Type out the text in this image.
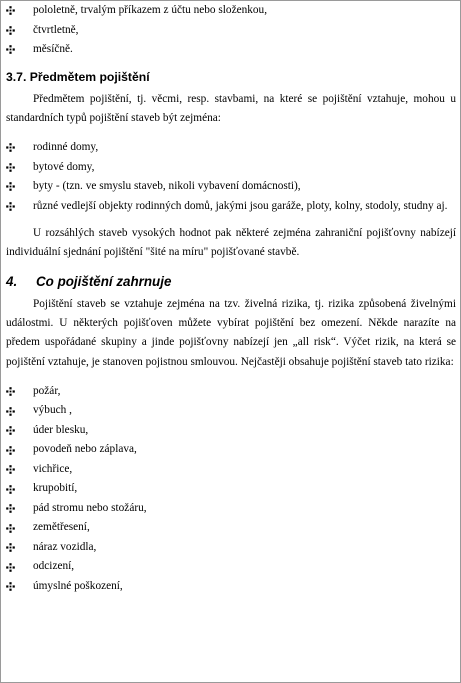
pololetně, trvalým příkazem z účtu nebo složenkou,
čtvrtletně,
měsíčně.
3.7. Předmětem pojištění

Předmětem pojištění, tj. věcmi, resp. stavbami, na které se pojištění vztahuje, mohou u standardních typů pojištění staveb být zejména:

rodinné domy,
bytové domy,
byty - (tzn. ve smyslu staveb, nikoli vybavení domácnosti),
různé vedlejší objekty rodinných domů, jakými jsou garáže, ploty, kolny, stodoly, studny aj.

U rozsáhlých staveb vysokých hodnot pak některé zejména zahraniční pojišťovny nabízejí individuální sjednání pojištění "šité na míru" pojišťované stavbě.

4.	Co pojištění zahrnuje

Pojištění staveb se vztahuje zejména na tzv. živelná rizika, tj. rizika způsobená živelnými událostmi. U některých pojišťoven můžete vybírat pojištění bez omezení. Někde narazíte na předem uspořádané skupiny a jinde pojišťovny nabízejí jen „all risk“. Výčet rizik, na která se pojištění vztahuje, je stanoven pojistnou smlouvou. Nejčastěji obsahuje pojištění staveb tato rizika:

požár,
výbuch ,
úder blesku,
povodeň nebo záplava,
vichřice,
krupobití,
pád stromu nebo stožáru,
zemětřesení,
náraz vozidla,
odcizení,
úmyslné poškození,
